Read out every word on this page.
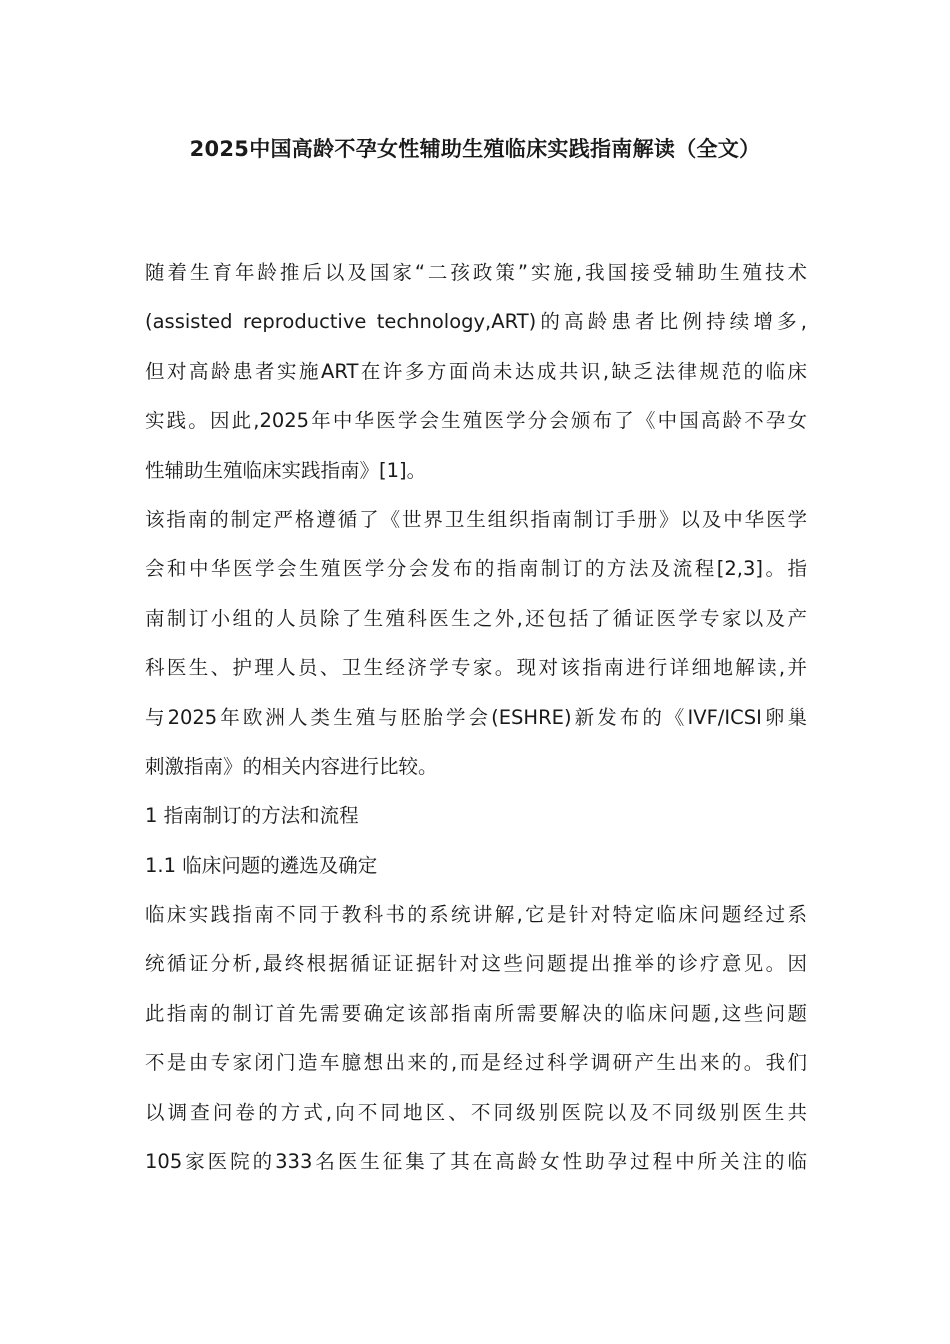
2025中国高龄不孕女性辅助生殖临床实践指南解读（全文）
随着生育年龄推后以及国家“二孩政策”实施,我国接受辅助生殖技术
(assisted reproductive technology,ART)的高龄患者比例持续增多,
但对高龄患者实施ART在许多方面尚未达成共识,缺乏法律规范的临床
实践。因此,2025年中华医学会生殖医学分会颁布了《中国高龄不孕女
性辅助生殖临床实践指南》[1]。
该指南的制定严格遵循了《世界卫生组织指南制订手册》以及中华医学
会和中华医学会生殖医学分会发布的指南制订的方法及流程[2,3]。指
南制订小组的人员除了生殖科医生之外,还包括了循证医学专家以及产
科医生、护理人员、卫生经济学专家。现对该指南进行详细地解读,并
与2025年欧洲人类生殖与胚胎学会(ESHRE)新发布的《IVF/ICSI卵巢
刺激指南》的相关内容进行比较。
1 指南制订的方法和流程
1.1 临床问题的遴选及确定
临床实践指南不同于教科书的系统讲解,它是针对特定临床问题经过系
统循证分析,最终根据循证证据针对这些问题提出推举的诊疗意见。因
此指南的制订首先需要确定该部指南所需要解决的临床问题,这些问题
不是由专家闭门造车臆想出来的,而是经过科学调研产生出来的。我们
以调查问卷的方式,向不同地区、不同级别医院以及不同级别医生共
105家医院的333名医生征集了其在高龄女性助孕过程中所关注的临
